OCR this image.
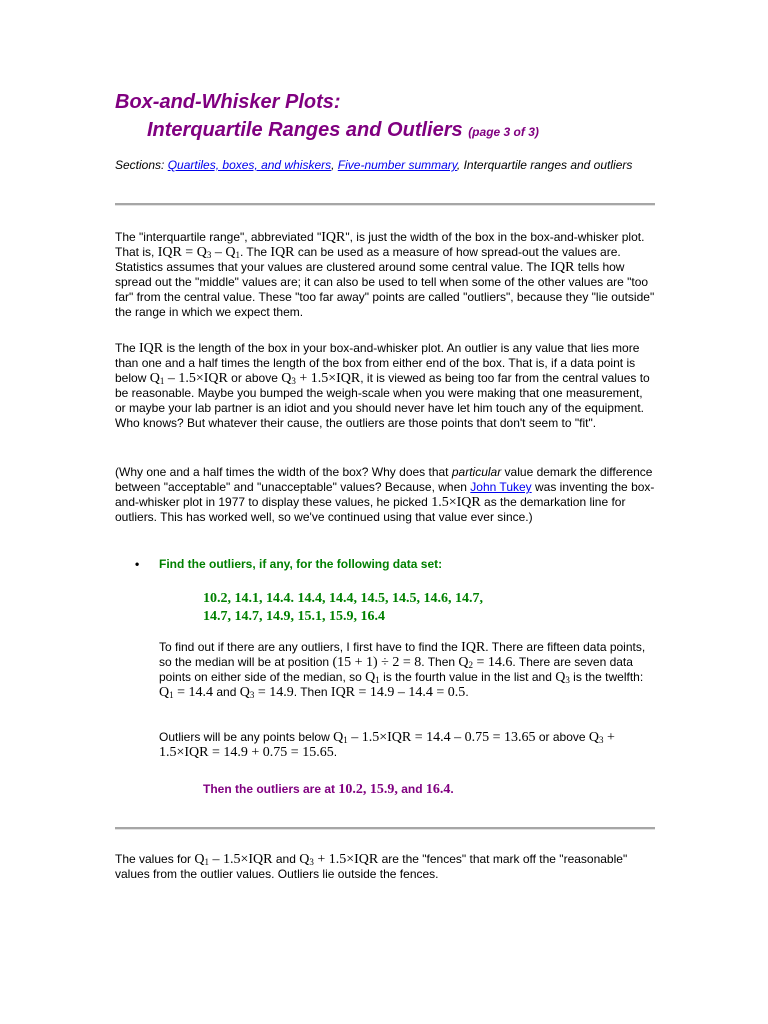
Box-and-Whisker Plots:
Interquartile Ranges and Outliers (page 3 of 3)
Sections: Quartiles, boxes, and whiskers, Five-number summary, Interquartile ranges and outliers

The "interquartile range", abbreviated "IQR", is just the width of the box in the box-and-whisker plot. That is, IQR = $Q_3 - Q_1$. The IQR can be used as a measure of how spread-out the values are. Statistics assumes that your values are clustered around some central value. The IQR tells how spread out the "middle" values are; it can also be used to tell when some of the other values are "too far" from the central value. These "too far away" points are called "outliers", because they "lie outside" the range in which we expect them.

The IQR is the length of the box in your box-and-whisker plot. An outlier is any value that lies more than one and a half times the length of the box from either end of the box. That is, if a data point is below $Q_1 - 1.5\times IQR$ or above $Q_3 + 1.5\times IQR$, it is viewed as being too far from the central values to be reasonable. Maybe you bumped the weigh-scale when you were making that one measurement, or maybe your lab partner is an idiot and you should never have let him touch any of the equipment. Who knows? But whatever their cause, the outliers are those points that don't seem to "fit".

(Why one and a half times the width of the box? Why does that particular value demark the difference between "acceptable" and "unacceptable" values? Because, when John Tukey was inventing the box-and-whisker plot in 1977 to display these values, he picked 1.5×IQR as the demarkation line for outliers. This has worked well, so we've continued using that value ever since.)

• Find the outliers, if any, for the following data set:
10.2, 14.1, 14.4. 14.4, 14.4, 14.5, 14.5, 14.6, 14.7,
14.7, 14.7, 14.9, 15.1, 15.9, 16.4
To find out if there are any outliers, I first have to find the IQR. There are fifteen data points, so the median will be at position (15 + 1) ÷ 2 = 8. Then $Q_2 = 14.6$. There are seven data points on either side of the median, so $Q_1$ is the fourth value in the list and $Q_3$ is the twelfth: $Q_1 = 14.4$ and $Q_3 = 14.9$. Then IQR = 14.9 – 14.4 = 0.5.
Outliers will be any points below $Q_1 - 1.5\times IQR = 14.4 - 0.75 = 13.65$ or above $Q_3 + 1.5\times IQR = 14.9 + 0.75 = 15.65$.
Then the outliers are at 10.2, 15.9, and 16.4.

The values for $Q_1 - 1.5\times IQR$ and $Q_3 + 1.5\times IQR$ are the "fences" that mark off the "reasonable" values from the outlier values. Outliers lie outside the fences.
